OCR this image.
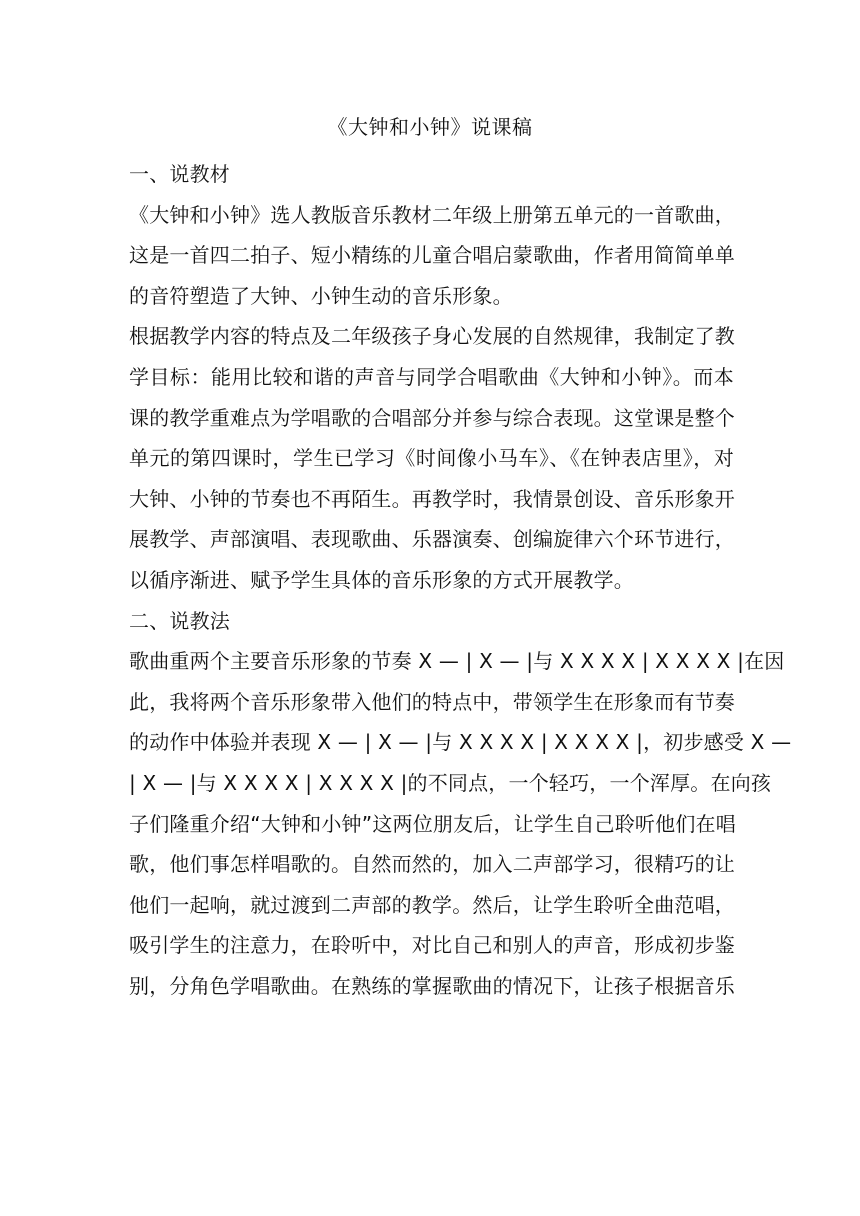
《大钟和小钟》说课稿
一、说教材
《大钟和小钟》选人教版音乐教材二年级上册第五单元的一首歌曲，
这是一首四二拍子、短小精练的儿童合唱启蒙歌曲，作者用简简单单
的音符塑造了大钟、小钟生动的音乐形象。
根据教学内容的特点及二年级孩子身心发展的自然规律，我制定了教
学目标：能用比较和谐的声音与同学合唱歌曲《大钟和小钟》。而本
课的教学重难点为学唱歌的合唱部分并参与综合表现。这堂课是整个
单元的第四课时，学生已学习《时间像小马车》、《在钟表店里》，对
大钟、小钟的节奏也不再陌生。再教学时，我情景创设、音乐形象开
展教学、声部演唱、表现歌曲、乐器演奏、创编旋律六个环节进行，
以循序渐进、赋予学生具体的音乐形象的方式开展教学。
二、说教法
歌曲重两个主要音乐形象的节奏 X — | X — |与 X X X X | X X X X |在因
此，我将两个音乐形象带入他们的特点中，带领学生在形象而有节奏
的动作中体验并表现 X — | X — |与 X X X X | X X X X |，初步感受 X —
| X — |与 X X X X | X X X X |的不同点，一个轻巧，一个浑厚。在向孩
子们隆重介绍“大钟和小钟”这两位朋友后，让学生自己聆听他们在唱
歌，他们事怎样唱歌的。自然而然的，加入二声部学习，很精巧的让
他们一起响，就过渡到二声部的教学。然后，让学生聆听全曲范唱，
吸引学生的注意力，在聆听中，对比自己和别人的声音，形成初步鉴
别，分角色学唱歌曲。在熟练的掌握歌曲的情况下，让孩子根据音乐
